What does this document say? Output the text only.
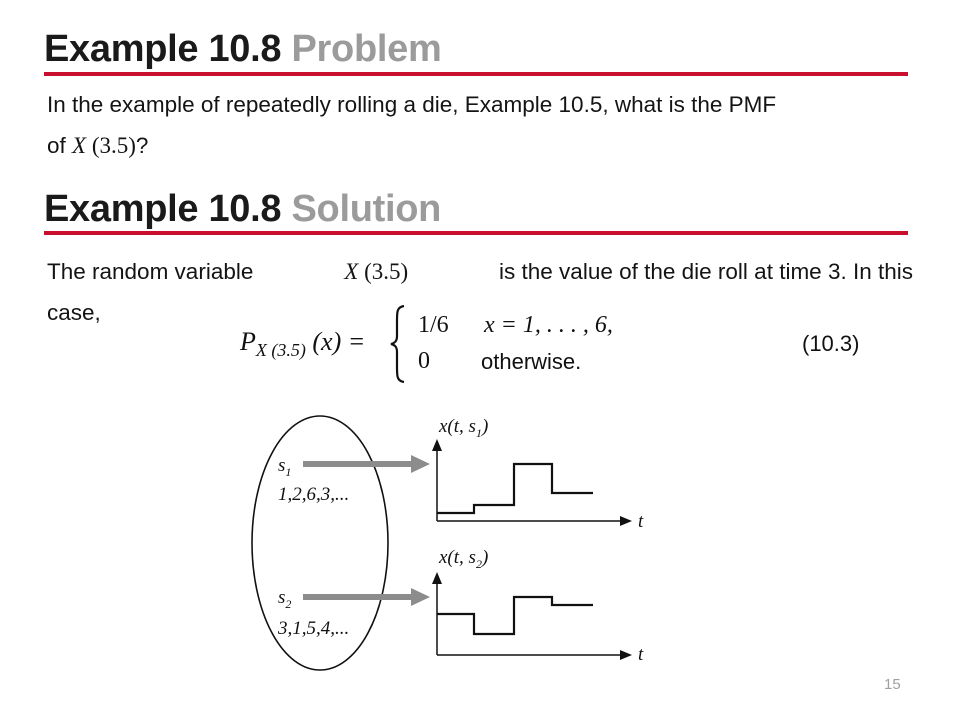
Example 10.8 Problem
In the example of repeatedly rolling a die, Example 10.5, what is the PMF
of X (3.5)?
Example 10.8 Solution
The random variable	X (3.5)	is the value of the die roll at time 3. In this
case,
$P_{X (3.5)}$ (x) =
1/6 x = 1, . . . , 6,
0 otherwise.
(10.3)
$s_1$
1,2,6,3,...
$s_2$
3,1,5,4,...
x(t, $s_1$)
t
x(t, $s_2$)
t
15
